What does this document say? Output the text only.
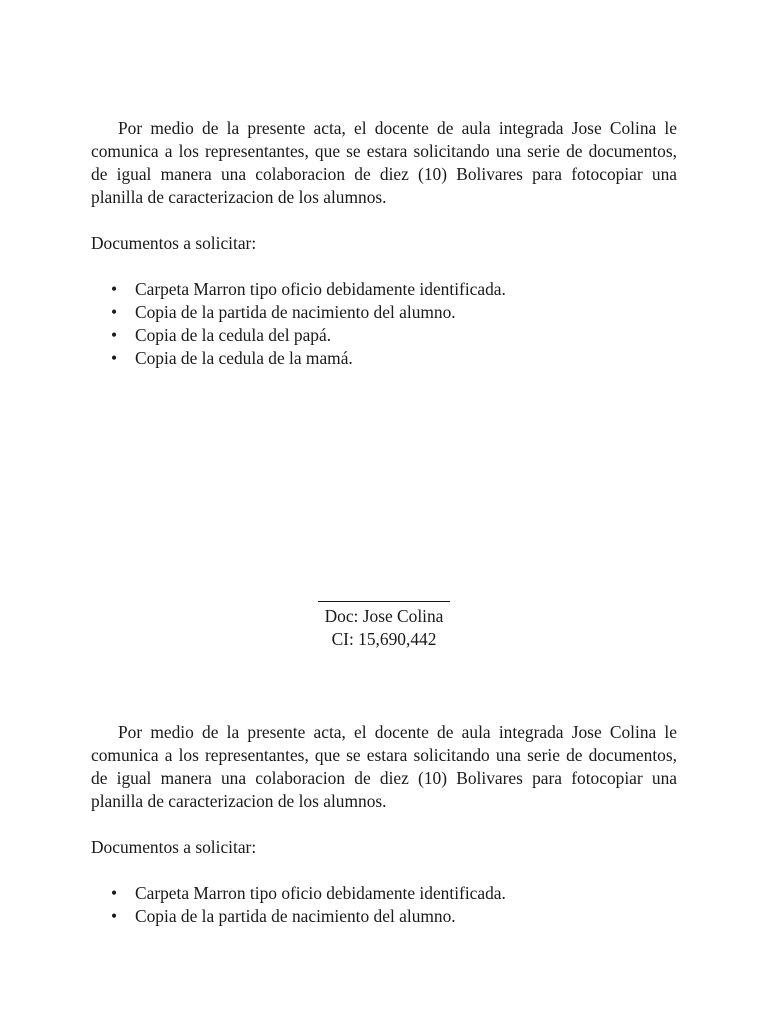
Por medio de la presente acta, el docente de aula integrada Jose Colina le comunica a los representantes, que se estara solicitando una serie de documentos, de igual manera una colaboracion de diez (10) Bolivares para fotocopiar una planilla de caracterizacion de los alumnos.

Documentos a solicitar:

• Carpeta Marron tipo oficio debidamente identificada.
• Copia de la partida de nacimiento del alumno.
• Copia de la cedula del papá.
• Copia de la cedula de la mamá.
Doc: Jose Colina
CI: 15,690,442

Por medio de la presente acta, el docente de aula integrada Jose Colina le comunica a los representantes, que se estara solicitando una serie de documentos, de igual manera una colaboracion de diez (10) Bolivares para fotocopiar una planilla de caracterizacion de los alumnos.

Documentos a solicitar:

• Carpeta Marron tipo oficio debidamente identificada.
• Copia de la partida de nacimiento del alumno.
